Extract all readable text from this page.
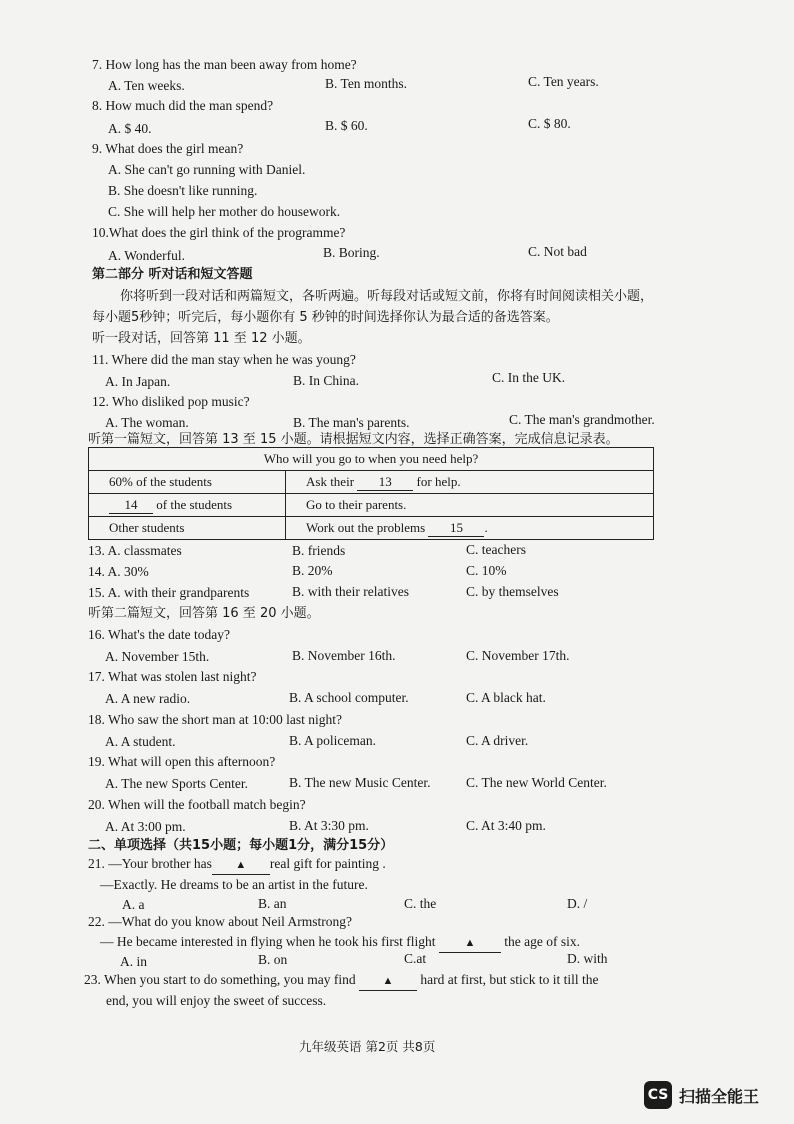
7. How long has the man been away from home?
A. Ten weeks.	B. Ten months.	C. Ten years.
8. How much did the man spend?
A. $ 40.	B. $ 60.	C. $ 80.
9. What does the girl mean?
A. She can't go running with Daniel.
B. She doesn't like running.
C. She will help her mother do housework.
10.What does the girl think of the programme?
A. Wonderful.	B. Boring.	C. Not bad
第二部分 听对话和短文答题
你将听到一段对话和两篇短文，各听两遍。听每段对话或短文前，你将有时间阅读相关小题，
每小题5秒钟；听完后，每小题你有 5 秒钟的时间选择你认为最合适的备选答案。
听一段对话，回答第 11 至 12 小题。
11. Where did the man stay when he was young?
A. In Japan.	B. In China.	C. In the UK.
12. Who disliked pop music?
A. The woman.	B. The man's parents.	C. The man's grandmother.
听第一篇短文，回答第 13 至 15 小题。请根据短文内容，选择正确答案，完成信息记录表。
Who will you go to when you need help?	
60% of the students	Ask their 13 for help.
14 of the students	Go to their parents.
Other students	Work out the problems 15 .
13. A. classmates	B. friends	C. teachers
14. A. 30%	B. 20%	C. 10%
15. A. with their grandparents	B. with their relatives	C. by themselves
听第二篇短文，回答第 16 至 20 小题。
16. What's the date today?
A. November 15th.	B. November 16th.	C. November 17th.
17. What was stolen last night?
A. A new radio.	B. A school computer.	C. A black hat.
18. Who saw the short man at 10:00 last night?
A. A student.	B. A policeman.	C. A driver.
19. What will open this afternoon?
A. The new Sports Center.	B. The new Music Center.	C. The new World Center.
20. When will the football match begin?
A. At 3:00 pm.	B. At 3:30 pm.	C. At 3:40 pm.
二、单项选择（共15小题；每小题1分，满分15分）
21. —Your brother has ▲ real gift for painting .
—Exactly. He dreams to be an artist in the future.
A. a	B. an	C. the	D. /
22. —What do you know about Neil Armstrong?
— He became interested in flying when he took his first flight	▲ the age of six.
A. in	B. on	C.at	D. with
23. When you start to do something, you may find ▲ hard at first, but stick to it till the
end, you will enjoy the sweet of success.
九年级英语 第2页 共8页
CS 扫描全能王
